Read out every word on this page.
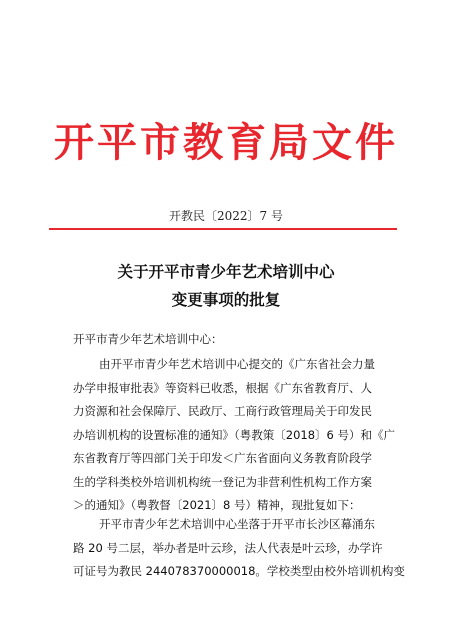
开平市教育局文件
开教民〔2022〕7 号
关于开平市青少年艺术培训中心
变更事项的批复
开平市青少年艺术培训中心：
由开平市青少年艺术培训中心提交的《广东省社会力量
办学申报审批表》等资料已收悉，根据《广东省教育厅、人
力资源和社会保障厅、民政厅、工商行政管理局关于印发民
办培训机构的设置标准的通知》（粤教策〔2018〕6 号）和《广
东省教育厅等四部门关于印发＜广东省面向义务教育阶段学
生的学科类校外培训机构统一登记为非营利性机构工作方案
＞的通知》（粤教督〔2021〕8 号）精神，现批复如下：
开平市青少年艺术培训中心坐落于开平市长沙区幕涌东
路 20 号二层，举办者是叶云珍，法人代表是叶云珍，办学许
可证号为教民 244078370000018。学校类型由校外培训机构变
